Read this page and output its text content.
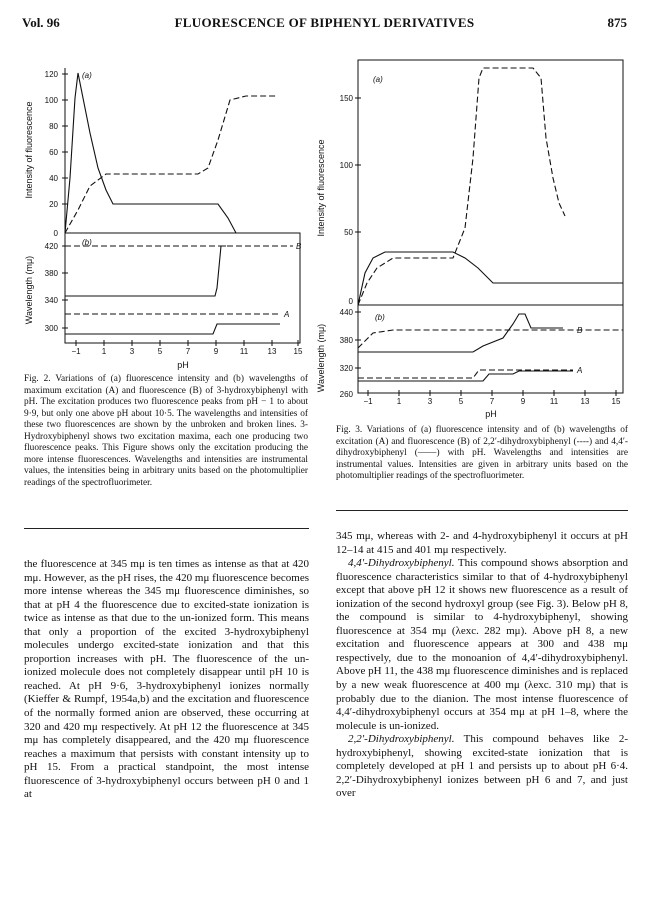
Vol. 96	FLUORESCENCE OF BIPHENYL DERIVATIVES	875
120
100
80
60
40
20
0
(a)
Intensity of fluorescence
(b)
420
380
340
300
Wavelength (mμ)
B
A
−1	1	3	5	7	9	11 13 15
pH
Fig. 2. Variations of (a) fluorescence intensity and (b) wavelengths of maximum excitation (A) and fluorescence (B) of 3-hydroxybiphenyl with pH. The excitation produces two fluorescence peaks from pH − 1 to about 9·9, but only one above pH about 10·5. The wavelengths and intensities of these two fluorescences are shown by the unbroken and broken lines. 3-Hydroxybiphenyl shows two excitation maxima, each one producing two fluorescence peaks. This Figure shows only the excitation producing the more intense fluorescences. Wavelengths and intensities are instrumental values, the intensities being in arbitrary units based on the photomultiplier readings of the spectrofluorimeter.
150
100
50
0
(a)
Intensity of fluorescence
(b)
440
380
320
260
Wavelength (mμ)	B
A
−1	1	3	5	7	9	11	13	15
pH
Fig. 3. Variations of (a) fluorescence intensity and of (b) wavelengths of excitation (A) and fluorescence (B) of 2,2′-dihydroxybiphenyl (----) and 4,4′-dihydroxybiphenyl (——) with pH. Wavelengths and intensities are instrumental values. Intensities are given in arbitrary units based on the photomultiplier readings of the spectrofluorimeter.

the fluorescence at 345 mμ is ten times as intense as that at 420 mμ. However, as the pH rises, the 420 mμ fluorescence becomes more intense whereas the 345 mμ fluorescence diminishes, so that at pH 4 the fluorescence due to excited-state ionization is twice as intense as that due to the un-ionized form. This means that only a proportion of the excited 3-hydroxybiphenyl molecules undergo excited-state ionization and that this proportion increases with pH. The fluorescence of the un-ionized molecule does not completely disappear until pH 10 is reached. At pH 9·6, 3-hydroxybiphenyl ionizes normally (Kieffer & Rumpf, 1954a,b) and the excitation and fluorescence of the normally formed anion are observed, these occurring at 320 and 420 mμ respectively. At pH 12 the fluorescence at 345 mμ has completely disappeared, and the 420 mμ fluorescence reaches a maximum that persists with constant intensity up to pH 15. From a practical standpoint, the most intense fluorescence of 3-hydroxybiphenyl occurs between pH 0 and 1 at

345 mμ, whereas with 2- and 4-hydroxybiphenyl it occurs at pH 12–14 at 415 and 401 mμ respectively.

4,4′-Dihydroxybiphenyl. This compound shows absorption and fluorescence characteristics similar to that of 4-hydroxybiphenyl except that above pH 12 it shows new fluorescence as a result of ionization of the second hydroxyl group (see Fig. 3). Below pH 8, the compound is similar to 4-hydroxybiphenyl, showing fluorescence at 354 mμ (λexc. 282 mμ). Above pH 8, a new excitation and fluorescence appears at 300 and 438 mμ respectively, due to the monoanion of 4,4′-dihydroxybiphenyl. Above pH 11, the 438 mμ fluorescence diminishes and is replaced by a new weak fluorescence at 400 mμ (λexc. 310 mμ) that is probably due to the dianion. The most intense fluorescence of 4,4′-dihydroxybiphenyl occurs at 354 mμ at pH 1–8, where the molecule is un-ionized.

2,2′-Dihydroxybiphenyl. This compound behaves like 2-hydroxybiphenyl, showing excited-state ionization that is completely developed at pH 1 and persists up to about pH 6·4. 2,2′-Dihydroxybiphenyl ionizes between pH 6 and 7, and just over
